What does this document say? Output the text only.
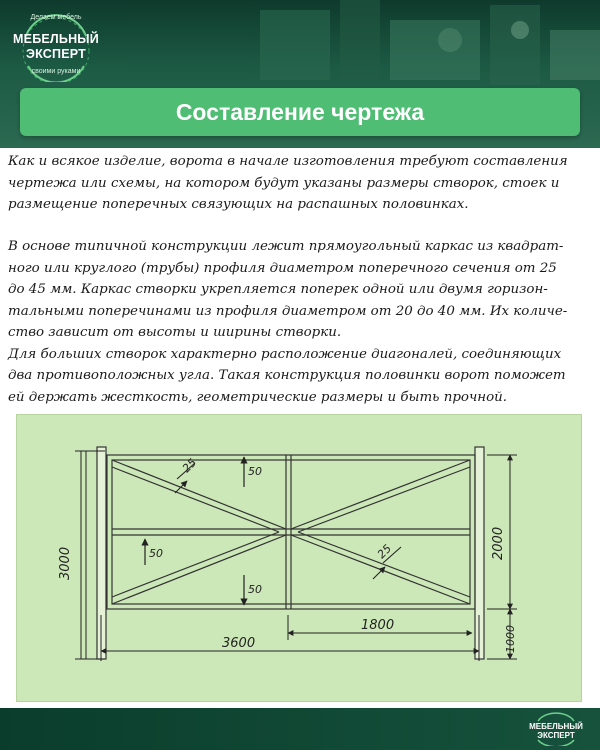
Делаем мебель
МЕБЕЛЬНЫЙ
ЭКСПЕРТ
своими руками
Составление чертежа
Как и всякое изделие, ворота в начале изготовления требуют составления
чертежа или схемы, на котором будут указаны размеры створок, стоек и
размещение поперечных связующих на распашных половинках.
В основе типичной конструкции лежит прямоугольный каркас из квадрат-
ного или круглого (трубы) профиля диаметром поперечного сечения от 25
до 45 мм. Каркас створки укрепляется поперек одной или двумя горизон-
тальными поперечинами из профиля диаметром от 20 до 40 мм. Их количе-
ство зависит от высоты и ширины створки.
Для больших створок характерно расположение диагоналей, соединяющих
два противоположных угла. Такая конструкция половинки ворот поможет
ей держать жесткость, геометрические размеры и быть прочной.
3000
2000
1000
3600
1800
50
50
50
25
25
МЕБЕЛЬНЫЙ
ЭКСПЕРТ
